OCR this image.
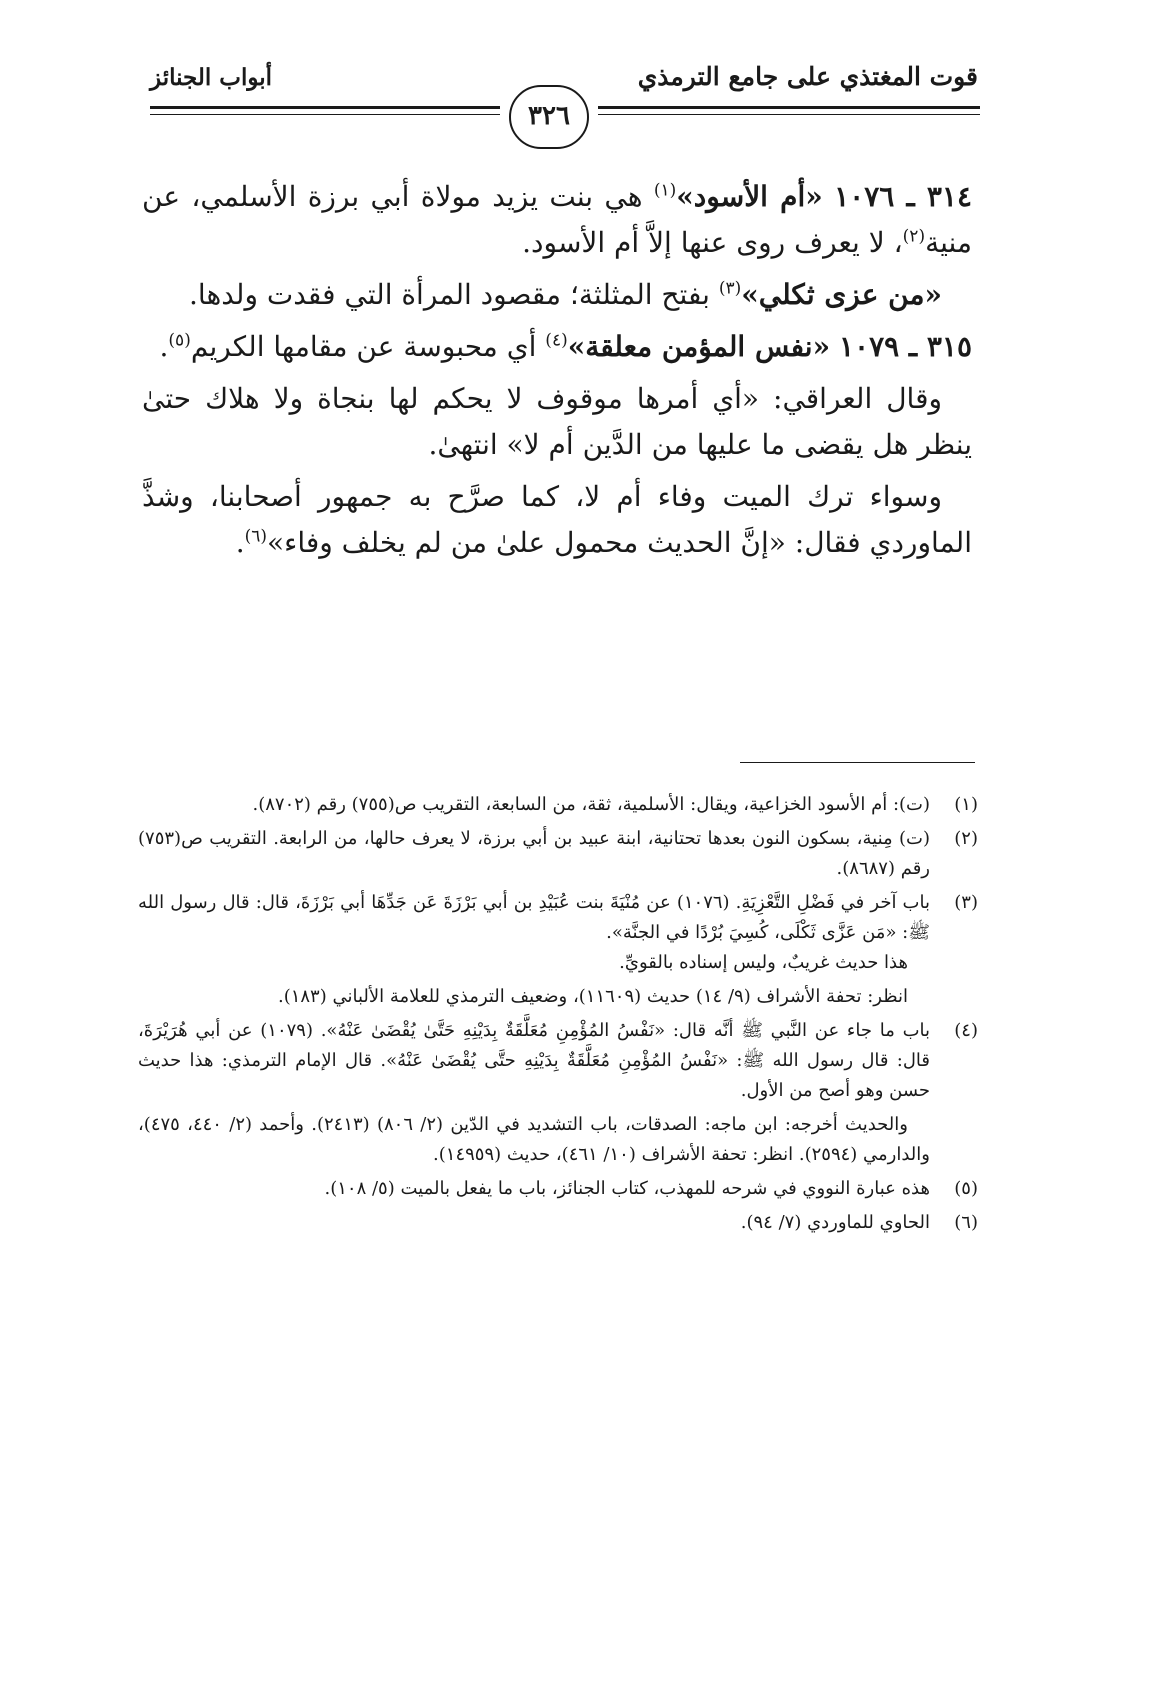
قوت المغتذي على جامع الترمذي
أبواب الجنائز
٣٢٦

٣١٤ ـ ١٠٧٦ «أم الأسود»$^{(١)}$ هي بنت يزيد مولاة أبي برزة الأسلمي، عن منية$^{(٢)}$، لا يعرف روى عنها إلاَّ أم الأسود.

«من عزى ثكلي»$^{(٣)}$ بفتح المثلثة؛ مقصود المرأة التي فقدت ولدها.

٣١٥ ـ ١٠٧٩ «نفس المؤمن معلقة»$^{(٤)}$ أي محبوسة عن مقامها الكريم$^{(٥)}$.

وقال العراقي: «أي أمرها موقوف لا يحكم لها بنجاة ولا هلاك حتىٰ ينظر هل يقضى ما عليها من الدَّين أم لا» انتهىٰ.

وسواء ترك الميت وفاء أم لا، كما صرَّح به جمهور أصحابنا، وشذَّ الماوردي فقال: «إنَّ الحديث محمول علىٰ من لم يخلف وفاء»$^{(٦)}$.

(١)

(ت): أم الأسود الخزاعية، ويقال: الأسلمية، ثقة، من السابعة، التقريب ص(٧٥٥) رقم (٨٧٠٢).

(٢)

(ت) مِنية، بسكون النون بعدها تحتانية، ابنة عبيد بن أبي برزة، لا يعرف حالها، من الرابعة. التقريب ص(٧٥٣) رقم (٨٦٨٧).

(٣)

باب آخر في فَضْلِ التَّعْزِيَةِ. (١٠٧٦) عن مُنْيَةَ بنت عُبَيْدِ بن أبي بَرْزَةَ عَن جَدِّهَا أبي بَرْزَةَ، قال: قال رسول الله ﷺ: «مَن عَزَّى ثَكْلَى، كُسِيَ بُرْدًا في الجنَّة».

هذا حديث غريبٌ، وليس إسناده بالقويِّ.

انظر: تحفة الأشراف (٩/ ١٤) حديث (١١٦٠٩)، وضعيف الترمذي للعلامة الألباني (١٨٣).

(٤)

باب ما جاء عن النَّبي ﷺ أنَّه قال: «نَفْسُ المُؤْمِنِ مُعَلَّقَةٌ بِدَيْنِهِ حَتَّىٰ يُقْضَىٰ عَنْهُ». (١٠٧٩) عن أبي هُرَيْرَةَ، قال: قال رسول الله ﷺ: «نَفْسُ المُؤْمِنِ مُعَلَّقَةٌ بِدَيْنِهِ حتَّى يُقْضَىٰ عَنْهُ». قال الإمام الترمذي: هذا حديث حسن وهو أصح من الأول.

والحديث أخرجه: ابن ماجه: الصدقات، باب التشديد في الدّين (٢/ ٨٠٦) (٢٤١٣). وأحمد (٢/ ٤٤٠، ٤٧٥)، والدارمي (٢٥٩٤). انظر: تحفة الأشراف (١٠/ ٤٦١)، حديث (١٤٩٥٩).

(٥)

هذه عبارة النووي في شرحه للمهذب، كتاب الجنائز، باب ما يفعل بالميت (٥/ ١٠٨).

(٦)

الحاوي للماوردي (٧/ ٩٤).
